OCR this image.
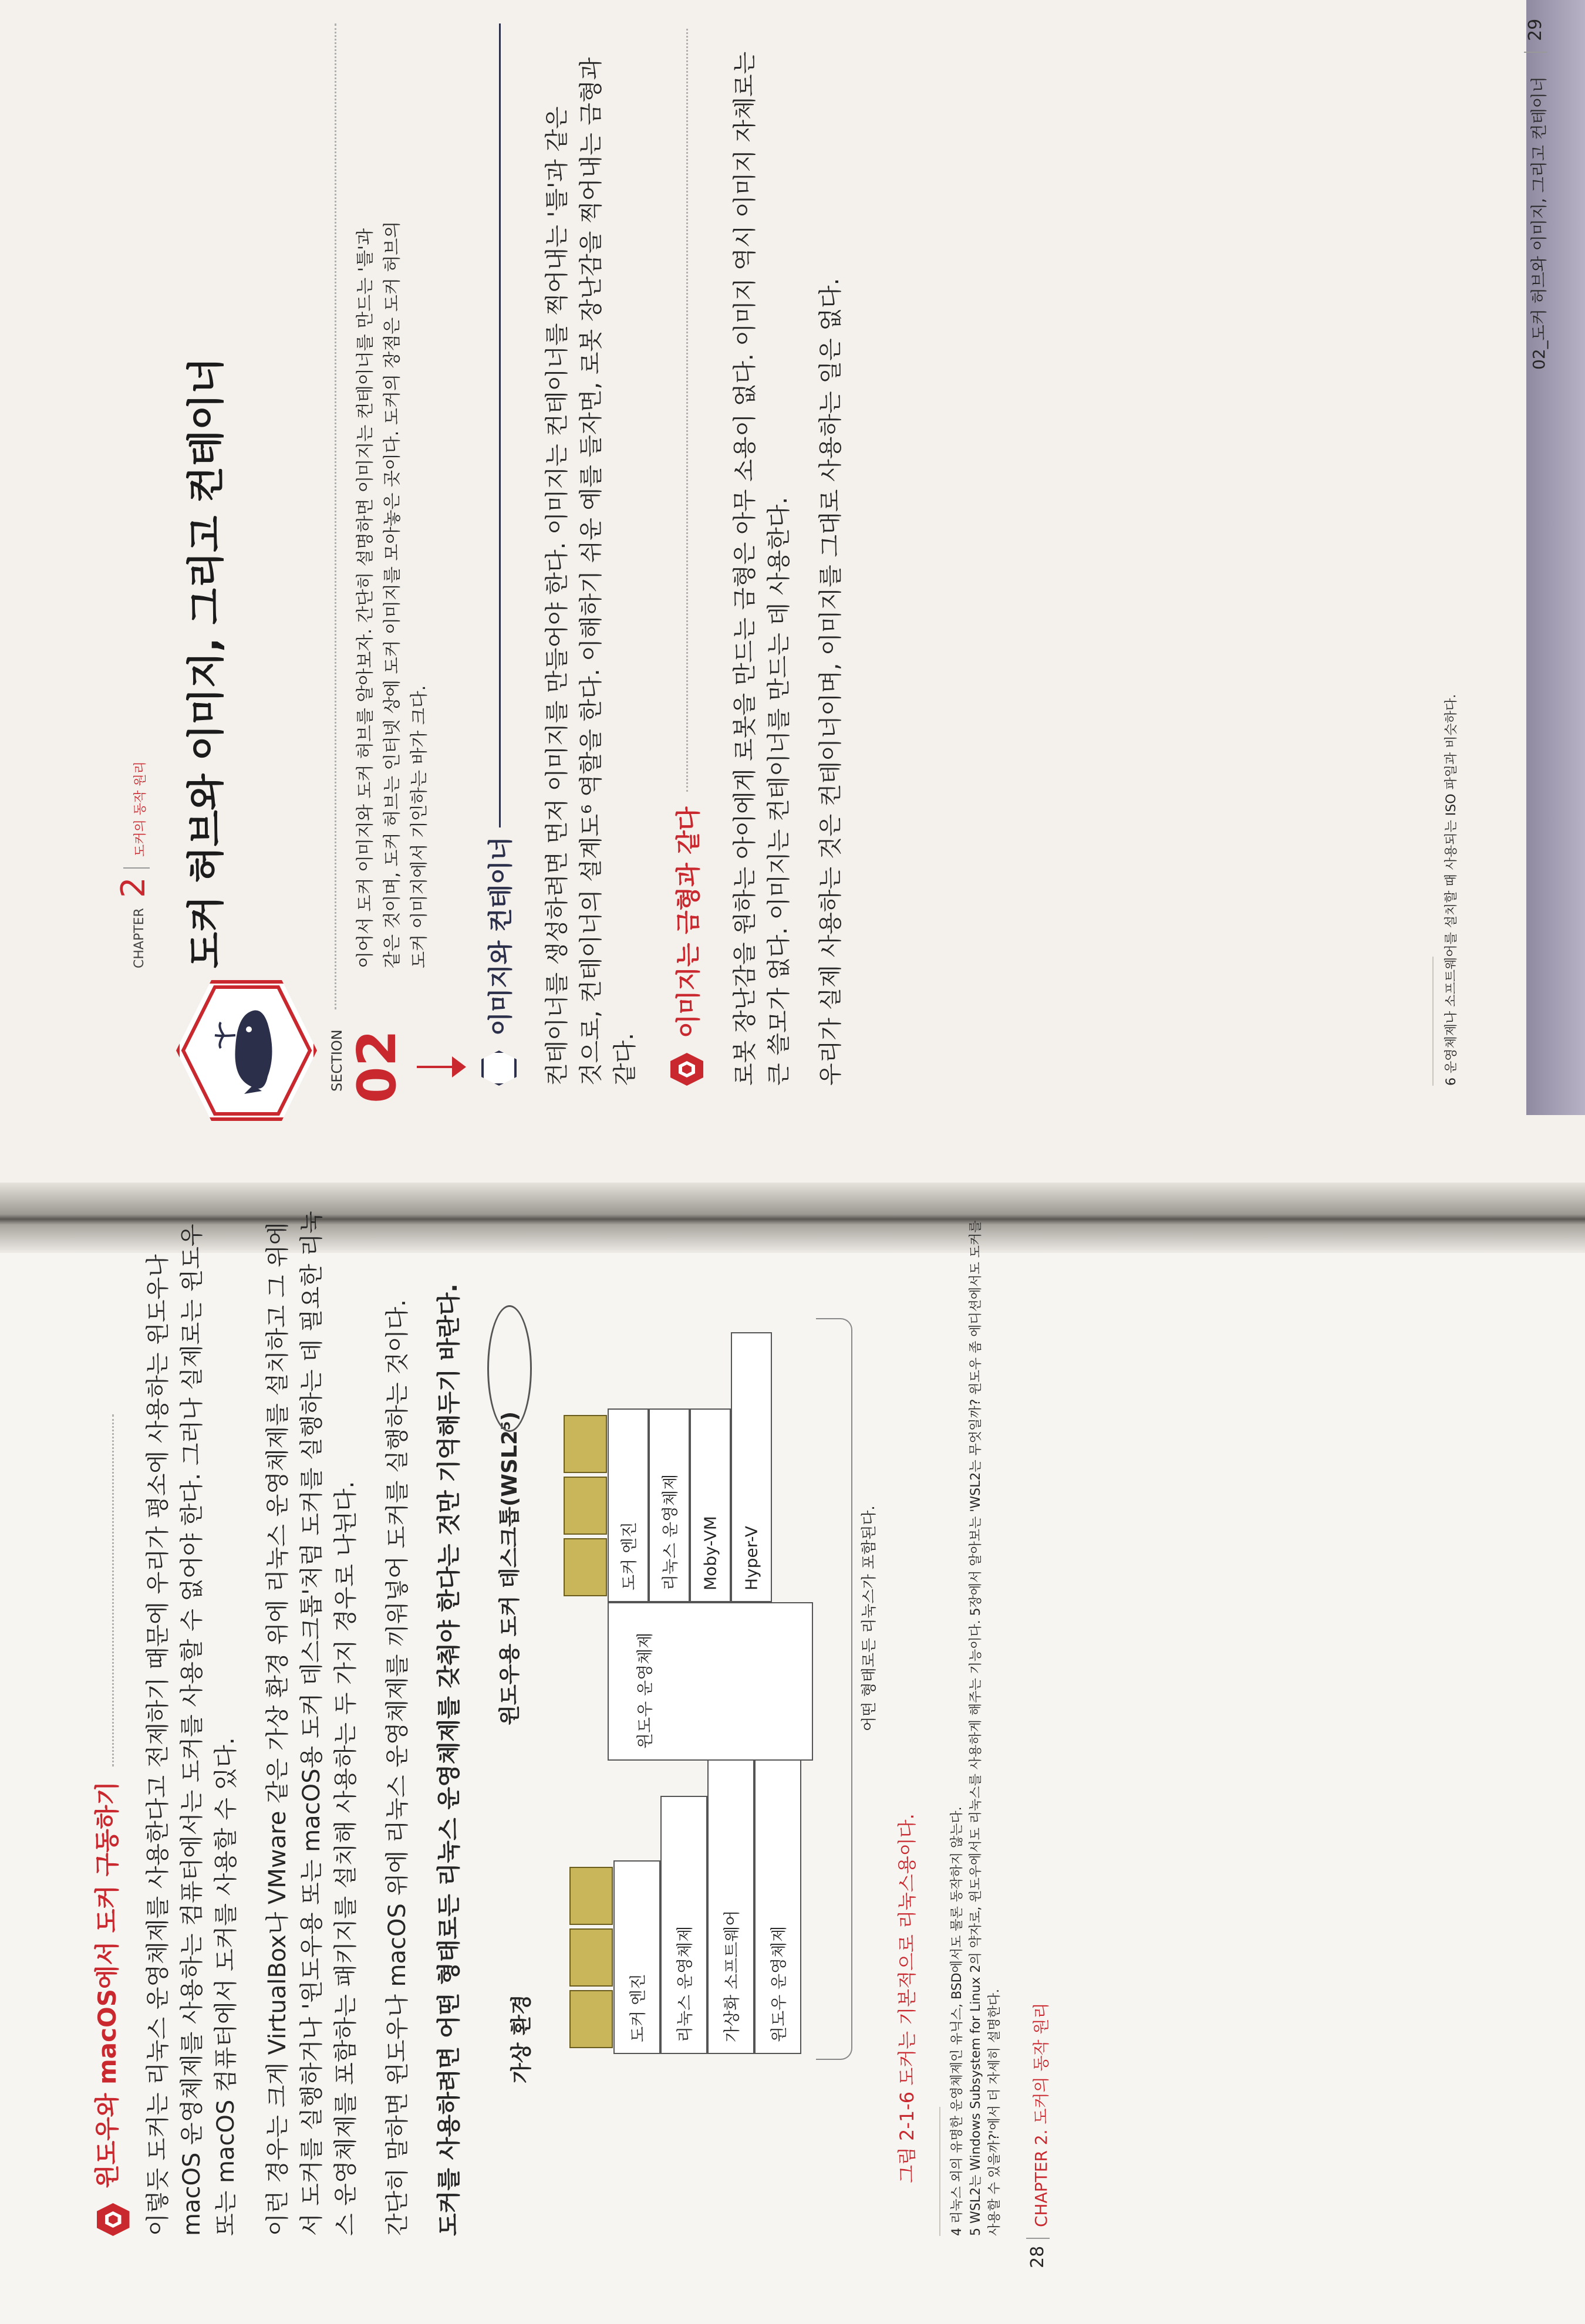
윈도우와 macOS에서 도커 구동하기 이렇듯 도커는 리눅스 운영체제를 사용한다고 전제하기 때문에 우리가 평소에 사용하는 윈도우나 macOS 운영체제를 사용하는 컴퓨터에서는 도커를 사용할 수 없어야 한다. 그러나 실제로는 윈도우 또는 macOS 컴퓨터에서 도커를 사용할 수 있다. 이런 경우는 크게 VirtualBox나 VMware 같은 가상 환경 위에 리눅스 운영체제를 설치하고 그 위에 서 도커를 실행하거나 '윈도우용 또는 macOS용 도커 데스크톱'처럼 도커를 실행하는 데 필요한 리눅 스 운영체제를 포함하는 패키지를 설치해 사용하는 두 가지 경우로 나뉜다. 간단히 말하면 윈도우나 macOS 위에 리눅스 운영체제를 끼워넣어 도커를 실행하는 것이다. 도커를 사용하려면 어떤 형태로든 리눅스 운영체제를 갖춰야 한다는 것만 기억해두기 바란다. 가상 환경
윈도우용 도커 데스크톱(WSL2⁵)
도커 엔진 리눅스 운영체제 가상화 소프트웨어 윈도우 운영체제
도커 엔진 리눅스 운영체제 Moby-VM Hyper-V
윈도우 운영체제	어떤 형태로든 리눅스가 포함된다.
그림 2-1-6 도커는 기본적으로 리눅스용이다. 4 리눅스 외의 유명한 운영체제인 유닉스, BSD에서도 물론 동작하지 않는다. 5 WSL2는 Windows Subsystem for Linux 2의 약자로, 윈도우에서도 리눅스를 사용하게 해주는 기능이다. 5장에서 알아보는 'WSL2는 무엇일까? 윈도우 좀 에디션에서도 도커를 사용할 수 있을까?'에서 더 자세히 설명한다.
28
CHAPTER 2. 도커의 동작 원리
CHAPTER
2
도커의 동작 원리 도커 허브와 이미지, 그리고 컨테이너
SECTION 02
이어서 도커 이미지와 도커 허브를 알아보자. 간단히 설명하면 이미지는 컨테이너를 만드는 '틀'과 같은 것이며, 도커 허브는 인터넷 상에 도커 이미지를 모아놓은 곳이다. 도커의 장점은 도커 허브의 도커 이미지에서 기인하는 바가 크다. 이미지와 컨테이너 컨테이너를 생성하려면 먼저 이미지를 만들어야 한다. 이미지는 컨테이너를 찍어내는 '틀'과 같은 것으로, 컨테이너의 설계도⁶ 역할을 한다. 이해하기 쉬운 예를 들자면, 로봇 장난감을 찍어내는 금형과 같다.
이미지는 금형과 같다 로봇 장난감을 원하는 아이에게 로봇을 만드는 금형은 아무 소용이 없다. 이미지 역시 이미지 자체로는 큰 쓸모가 없다. 이미지는 컨테이너를 만드는 데 사용한다. 우리가 실제 사용하는 것은 컨테이너이며, 이미지를 그대로 사용하는 일은 없다.	6 운영체제나 소프트웨어를 설치할 때 사용되는 ISO 파일과 비슷하다.
02_도커 허브와 이미지, 그리고 컨테이너
29
